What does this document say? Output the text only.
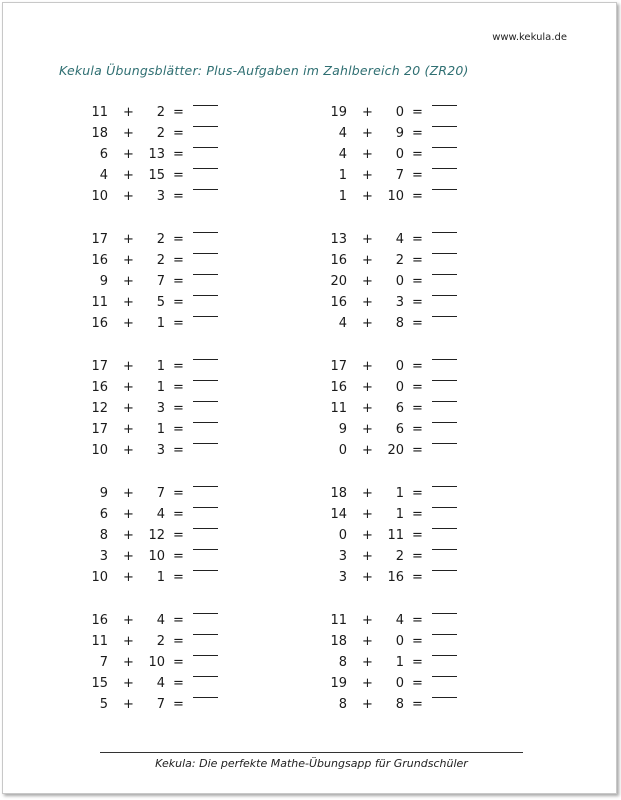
www.kekula.de
Kekula Übungsblätter: Plus-Aufgaben im Zahlbereich 20 (ZR20)
11 +	2 =
18 +	2 =
6 +	13 =
4 +	15 =
10 +	3 =
17 +	2 =
16 +	2 =
9 +	7 =
11 +	5 =
16 +	1 =
17 +	1 =
16 +	1 =
12 +	3 =
17 +	1 =
10 +	3 =
9 +	7 =
6 +	4 =
8 +	12 =
3 +	10 =
10 +	1 =
16 +	4 =
11 +	2 =
7 +	10 =
15 +	4 =
5 +	7 =
19 +	0 =
4 +	9 =
4 +	0 =
1 +	7 =
1 +	10 =
13 +	4 =
16 +	2 =
20 +	0 =
16 +	3 =
4 +	8 =
17 +	0 =
16 +	0 =
11 +	6 =
9 +	6 =
0 +	20 =
18 +	1 =
14 +	1 =
0 +	11 =
3 +	2 =
3 +	16 =
11 +	4 =
18 +	0 =
8 +	1 =
19 +	0 =
8 +	8 =
Kekula: Die perfekte Mathe-Übungsapp für Grundschüler
